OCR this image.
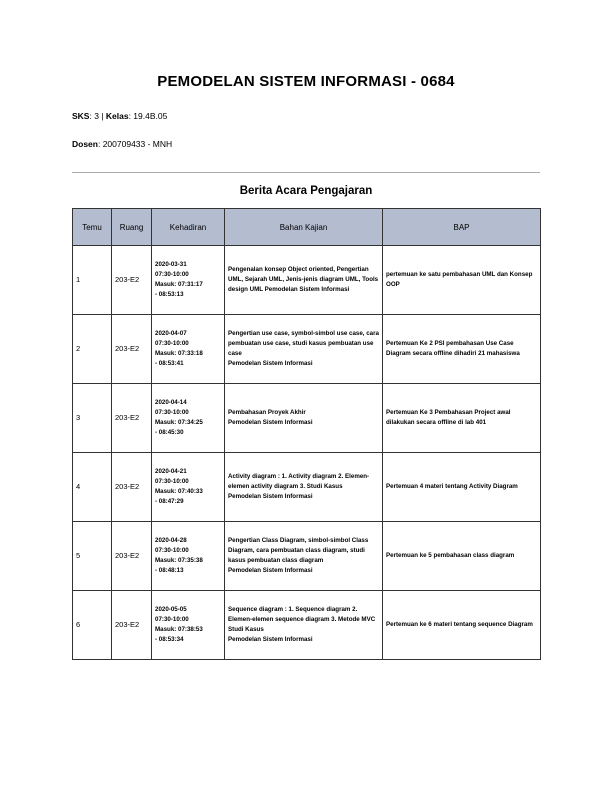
PEMODELAN SISTEM INFORMASI - 0684
SKS: 3 | Kelas: 19.4B.05
Dosen: 200709433 - MNH
Berita Acara Pengajaran
Temu	Ruang	Kehadiran	Bahan Kajian	BAP
1	203-E2	2020-03-31
07:30-10:00
Masuk: 07:31:17
- 08:53:13	Pengenalan konsep Object oriented, Pengertian UML, Sejarah UML, Jenis-jenis diagram UML, Tools design UML Pemodelan Sistem Informasi	pertemuan ke satu pembahasan UML dan Konsep OOP
2	203-E2	2020-04-07
07:30-10:00
Masuk: 07:33:18
- 08:53:41	Pengertian use case, symbol-simbol use case, cara pembuatan use case, studi kasus pembuatan use case
Pemodelan Sistem Informasi	Pertemuan Ke 2 PSI pembahasan Use Case Diagram secara offline dihadiri 21 mahasiswa
3	203-E2	2020-04-14
07:30-10:00
Masuk: 07:34:25
- 08:45:30	Pembahasan Proyek Akhir
Pemodelan Sistem Informasi	Pertemuan Ke 3 Pembahasan Project awal dilakukan secara offline di lab 401
4	203-E2	2020-04-21
07:30-10:00
Masuk: 07:40:33
- 08:47:29	Activity diagram : 1. Activity diagram 2. Elemen-elemen activity diagram 3. Studi Kasus
Pemodelan Sistem Informasi	Pertemuan 4 materi tentang Activity Diagram
5	203-E2	2020-04-28
07:30-10:00
Masuk: 07:35:38
- 08:48:13	Pengertian Class Diagram, simbol-simbol Class Diagram, cara pembuatan class diagram, studi kasus pembuatan class diagram
Pemodelan Sistem Informasi	Pertemuan ke 5 pembahasan class diagram
6	203-E2	2020-05-05
07:30-10:00
Masuk: 07:38:53
- 08:53:34	Sequence diagram : 1. Sequence diagram 2. Elemen-elemen sequence diagram 3. Metode MVC Studi Kasus
Pemodelan Sistem Informasi	Pertemuan ke 6 materi tentang sequence Diagram
